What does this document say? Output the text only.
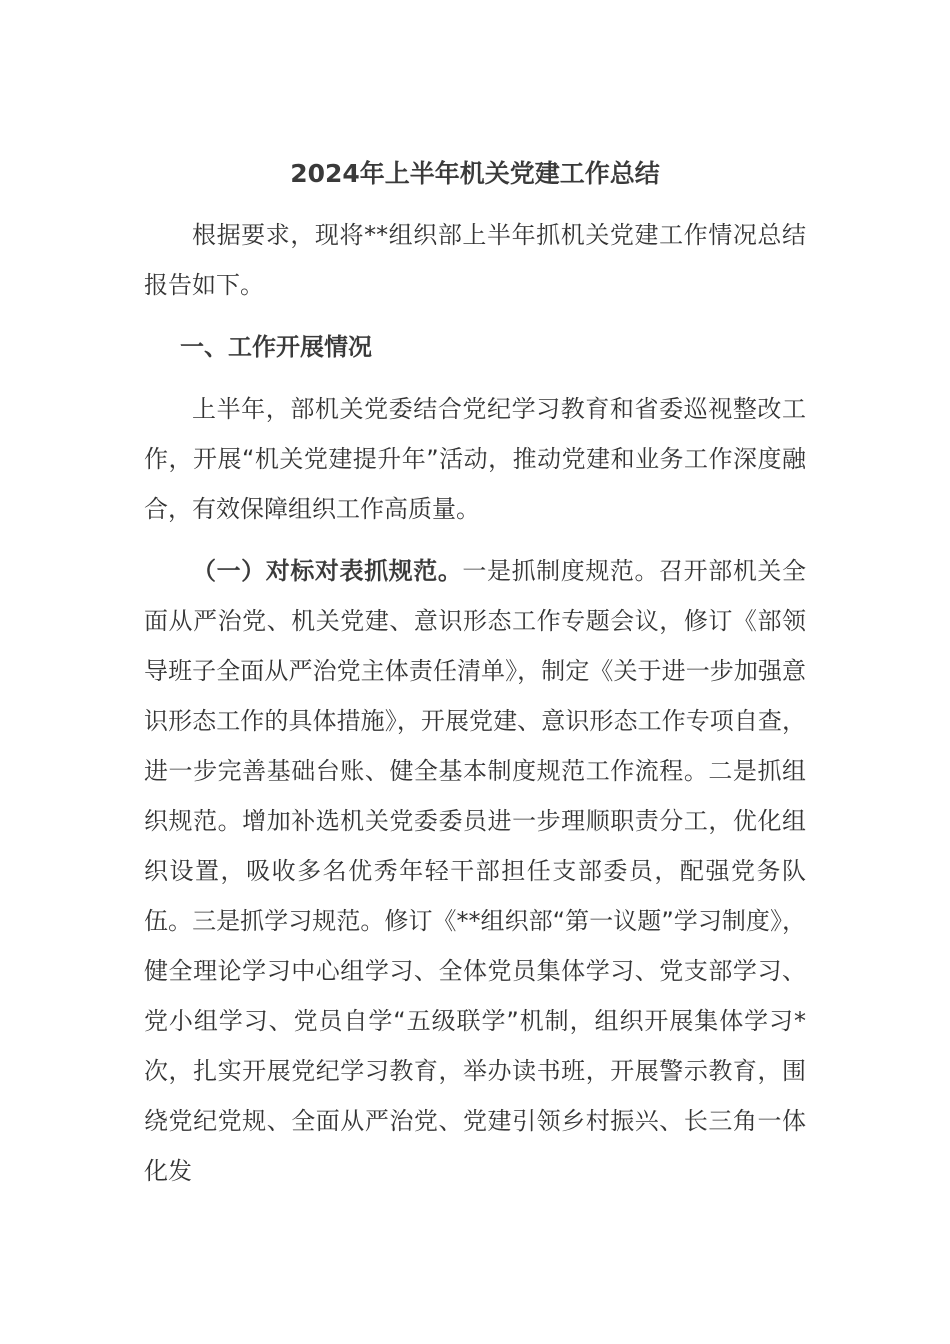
2024年上半年机关党建工作总结

根据要求，现将**组织部上半年抓机关党建工作情况总结报告如下。

一、工作开展情况

上半年，部机关党委结合党纪学习教育和省委巡视整改工作，开展“机关党建提升年”活动，推动党建和业务工作深度融合，有效保障组织工作高质量。

（一）对标对表抓规范。一是抓制度规范。召开部机关全面从严治党、机关党建、意识形态工作专题会议，修订《部领导班子全面从严治党主体责任清单》，制定《关于进一步加强意识形态工作的具体措施》，开展党建、意识形态工作专项自查，进一步完善基础台账、健全基本制度规范工作流程。二是抓组织规范。增加补选机关党委委员进一步理顺职责分工，优化组织设置，吸收多名优秀年轻干部担任支部委员，配强党务队伍。三是抓学习规范。修订《**组织部“第一议题”学习制度》，健全理论学习中心组学习、全体党员集体学习、党支部学习、党小组学习、党员自学“五级联学”机制，组织开展集体学习*次，扎实开展党纪学习教育，举办读书班，开展警示教育，围绕党纪党规、全面从严治党、党建引领乡村振兴、长三角一体化发
